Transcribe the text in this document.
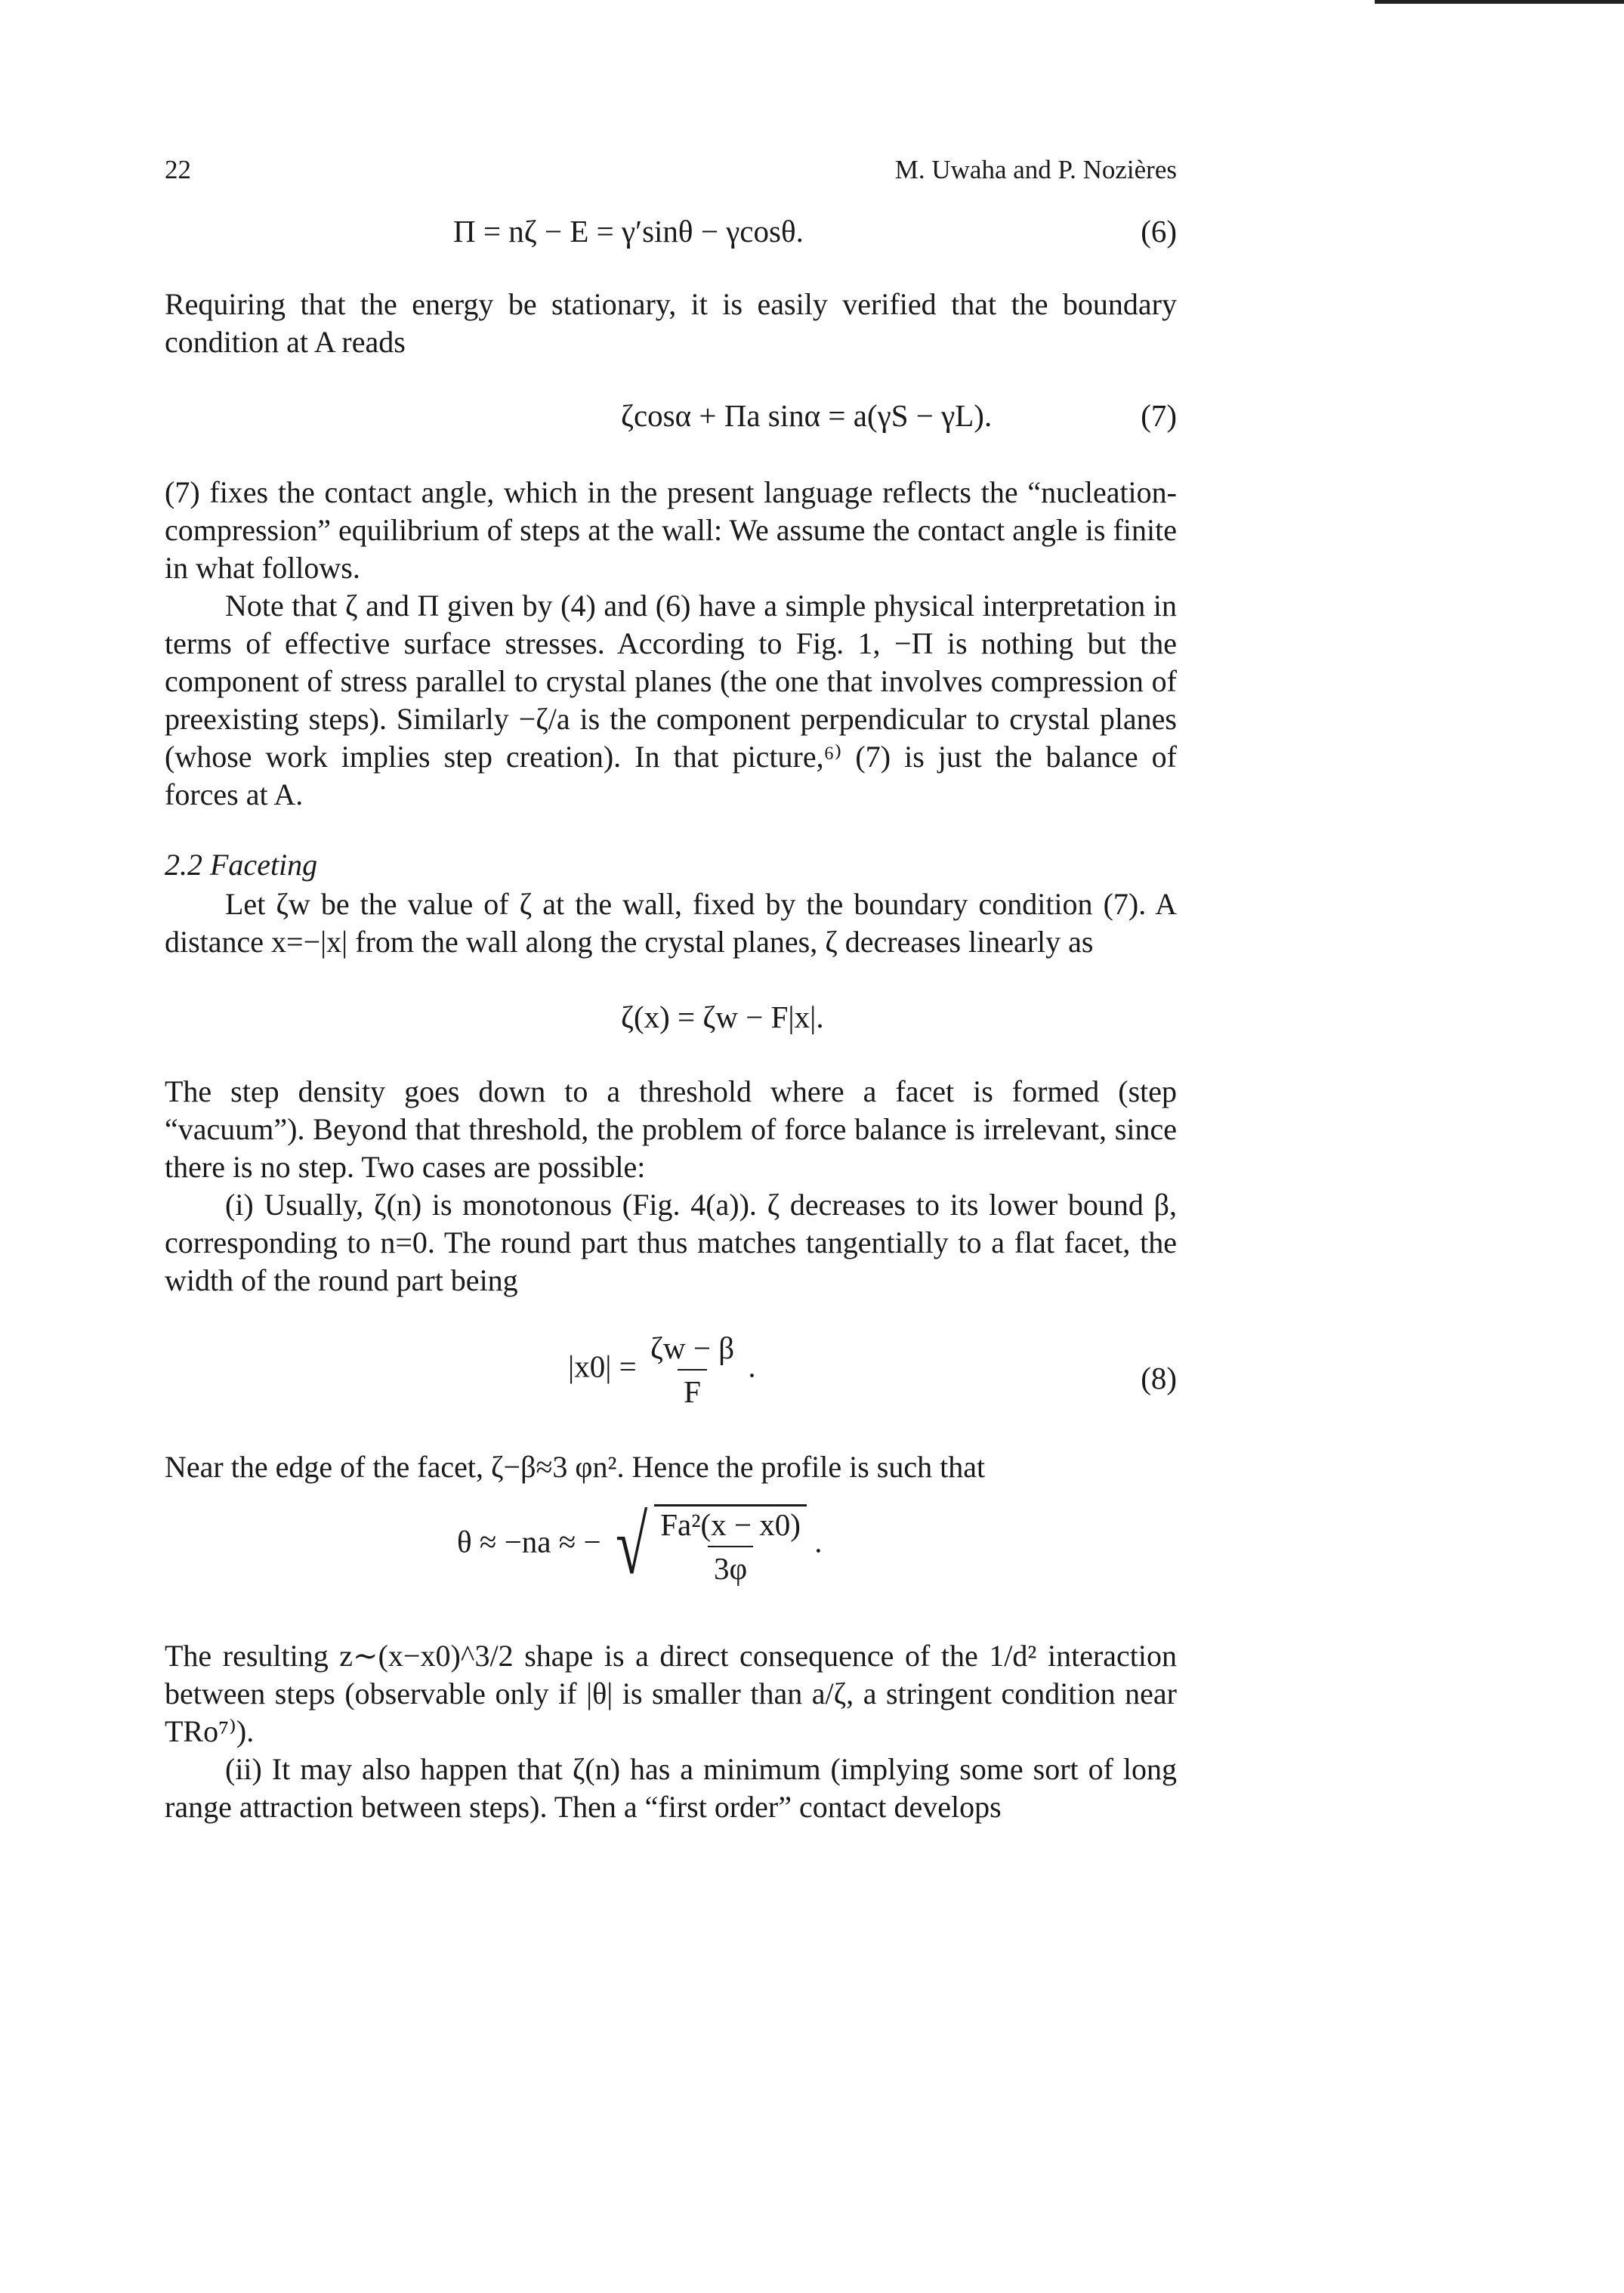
22	M. Uwaha and P. Nozières
Π = nζ − E = γ′sinθ − γcosθ.	(6)

Requiring that the energy be stationary, it is easily verified that the boundary condition at A reads

ζcosα + Πa sinα = a(γS − γL).	(7)

(7) fixes the contact angle, which in the present language reflects the “nucleation-compression” equilibrium of steps at the wall: We assume the contact angle is finite in what follows.

Note that ζ and Π given by (4) and (6) have a simple physical interpretation in terms of effective surface stresses. According to Fig. 1, −Π is nothing but the component of stress parallel to crystal planes (the one that involves compression of preexisting steps). Similarly −ζ/a is the component perpendicular to crystal planes (whose work implies step creation). In that picture,⁶⁾ (7) is just the balance of forces at A.

2.2 Faceting

Let ζw be the value of ζ at the wall, fixed by the boundary condition (7). A distance x=−|x| from the wall along the crystal planes, ζ decreases linearly as

ζ(x) = ζw − F|x|.

The step density goes down to a threshold where a facet is formed (step “vacuum”). Beyond that threshold, the problem of force balance is irrelevant, since there is no step. Two cases are possible:

(i) Usually, ζ(n) is monotonous (Fig. 4(a)). ζ decreases to its lower bound β, corresponding to n=0. The round part thus matches tangentially to a flat facet, the width of the round part being

$|x0| = \frac{\zeta w - \beta}{F}$ .	(8)

Near the edge of the facet, ζ−β≈3 φn². Hence the profile is such that

θ ≈ −na ≈ − √ $\frac{\text{Fa²(x − x0)}}{3\varphi}$ .

The resulting z∼(x−x0)^3/2 shape is a direct consequence of the 1/d² interaction between steps (observable only if |θ| is smaller than a/ζ, a stringent condition near TRo⁷⁾).

(ii) It may also happen that ζ(n) has a minimum (implying some sort of long range attraction between steps). Then a “first order” contact develops
